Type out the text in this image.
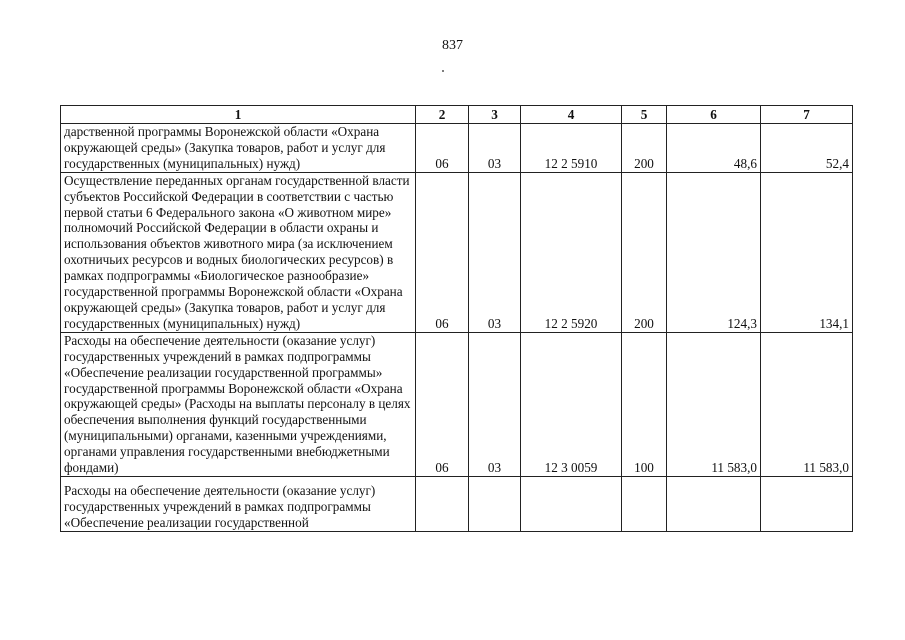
837
1	2	3	4	5	6	7
дарственной программы Воронежской области «Охрана окружающей среды» (Закупка товаров, работ и услуг для государственных (муниципальных) нужд)	06	03	12 2 5910	200	48,6	52,4
Осуществление переданных органам государственной власти субъектов Российской Федерации в соответствии с частью первой статьи 6 Федерального закона «О животном мире» полномочий Российской Федерации в области охраны и использования объектов животного мира (за исключением охотничьих ресурсов и водных биологических ресурсов) в рамках подпрограммы «Биологическое разнообразие» государственной программы Воронежской области «Охрана окружающей среды» (Закупка товаров, работ и услуг для государственных (муниципальных) нужд)	06	03	12 2 5920	200	124,3	134,1
Расходы на обеспечение деятельности (оказание услуг) государственных учреждений в рамках подпрограммы «Обеспечение реализации государственной программы» государственной программы Воронежской области «Охрана окружающей среды» (Расходы на выплаты персоналу в целях обеспечения выполнения функций государственными (муниципальными) органами, казенными учреждениями, органами управления государственными внебюджетными фондами)	06	03	12 3 0059	100	11 583,0	11 583,0
Расходы на обеспечение деятельности (оказание услуг) государственных учреждений в рамках подпрограммы «Обеспечение реализации государственной						
